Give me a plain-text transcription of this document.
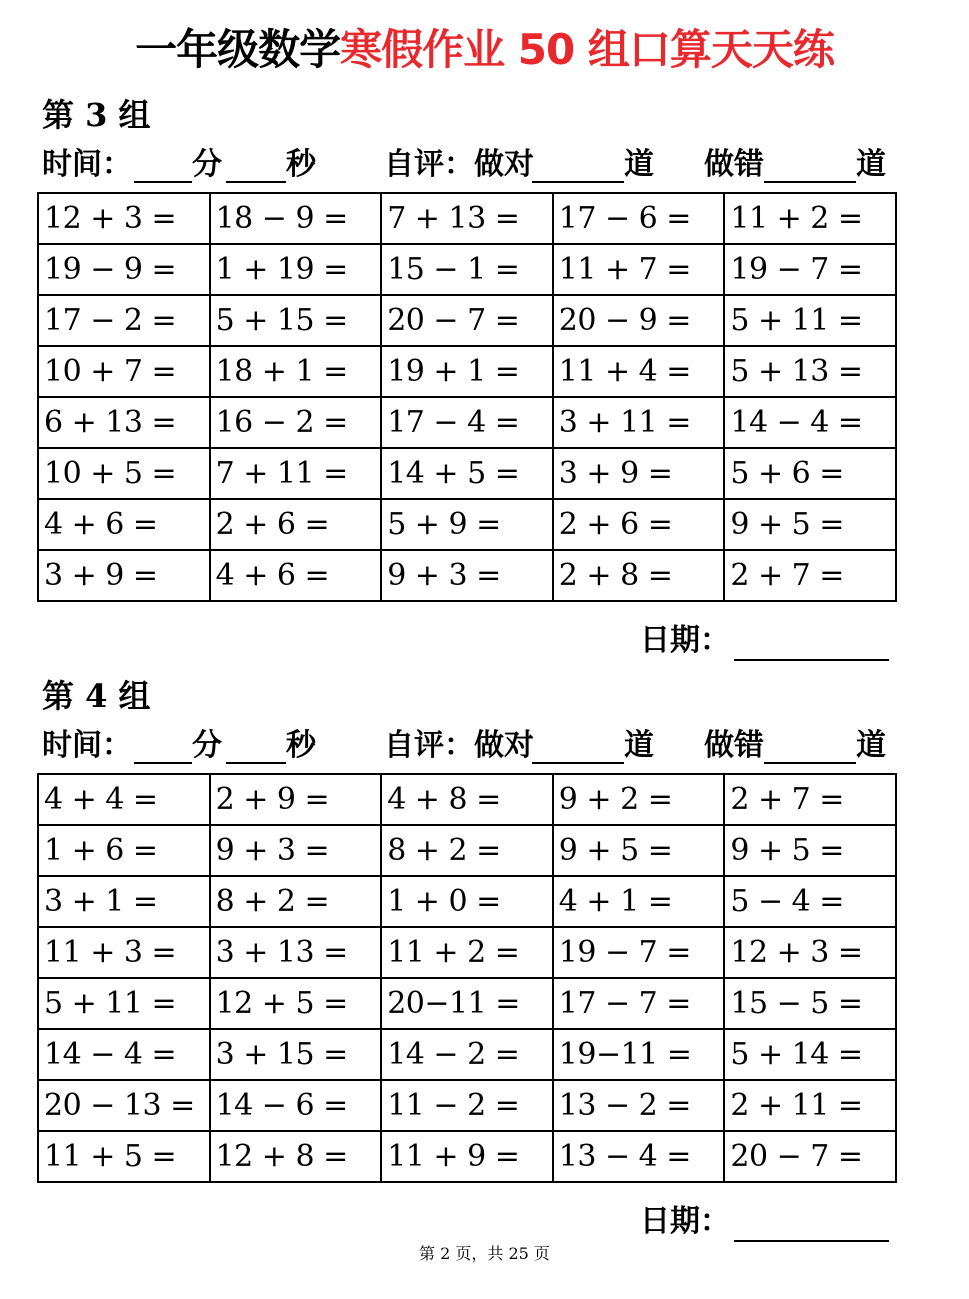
一年级数学寒假作业 50 组口算天天练
第 3 组
时间： 分 秒 自评：做对	道 做错	道
12 + 3 =	18 − 9 =	7 + 13 =	17 − 6 =	11 + 2 =
19 − 9 =	1 + 19 =	15 − 1 =	11 + 7 =	19 − 7 =
17 − 2 =	5 + 15 =	20 − 7 =	20 − 9 =	5 + 11 =
10 + 7 =	18 + 1 =	19 + 1 =	11 + 4 =	5 + 13 =
6 + 13 =	16 − 2 =	17 − 4 =	3 + 11 =	14 − 4 =
10 + 5 =	7 + 11 =	14 + 5 =	3 + 9 =	5 + 6 =
4 + 6 =	2 + 6 =	5 + 9 =	2 + 6 =	9 + 5 =
3 + 9 =	4 + 6 =	9 + 3 =	2 + 8 =	2 + 7 =
日期：
第 4 组
时间： 分 秒 自评：做对	道 做错	道
4 + 4 =	2 + 9 =	4 + 8 =	9 + 2 =	2 + 7 =
1 + 6 =	9 + 3 =	8 + 2 =	9 + 5 =	9 + 5 =
3 + 1 =	8 + 2 =	1 + 0 =	4 + 1 =	5 − 4 =
11 + 3 =	3 + 13 =	11 + 2 =	19 − 7 =	12 + 3 =
5 + 11 =	12 + 5 =	20−11 =	17 − 7 =	15 − 5 =
14 − 4 =	3 + 15 =	14 − 2 =	19−11 =	5 + 14 =
20 − 13 =	14 − 6 =	11 − 2 =	13 − 2 =	2 + 11 =
11 + 5 =	12 + 8 =	11 + 9 =	13 − 4 =	20 − 7 =
日期：
第 2 页，共 25 页
